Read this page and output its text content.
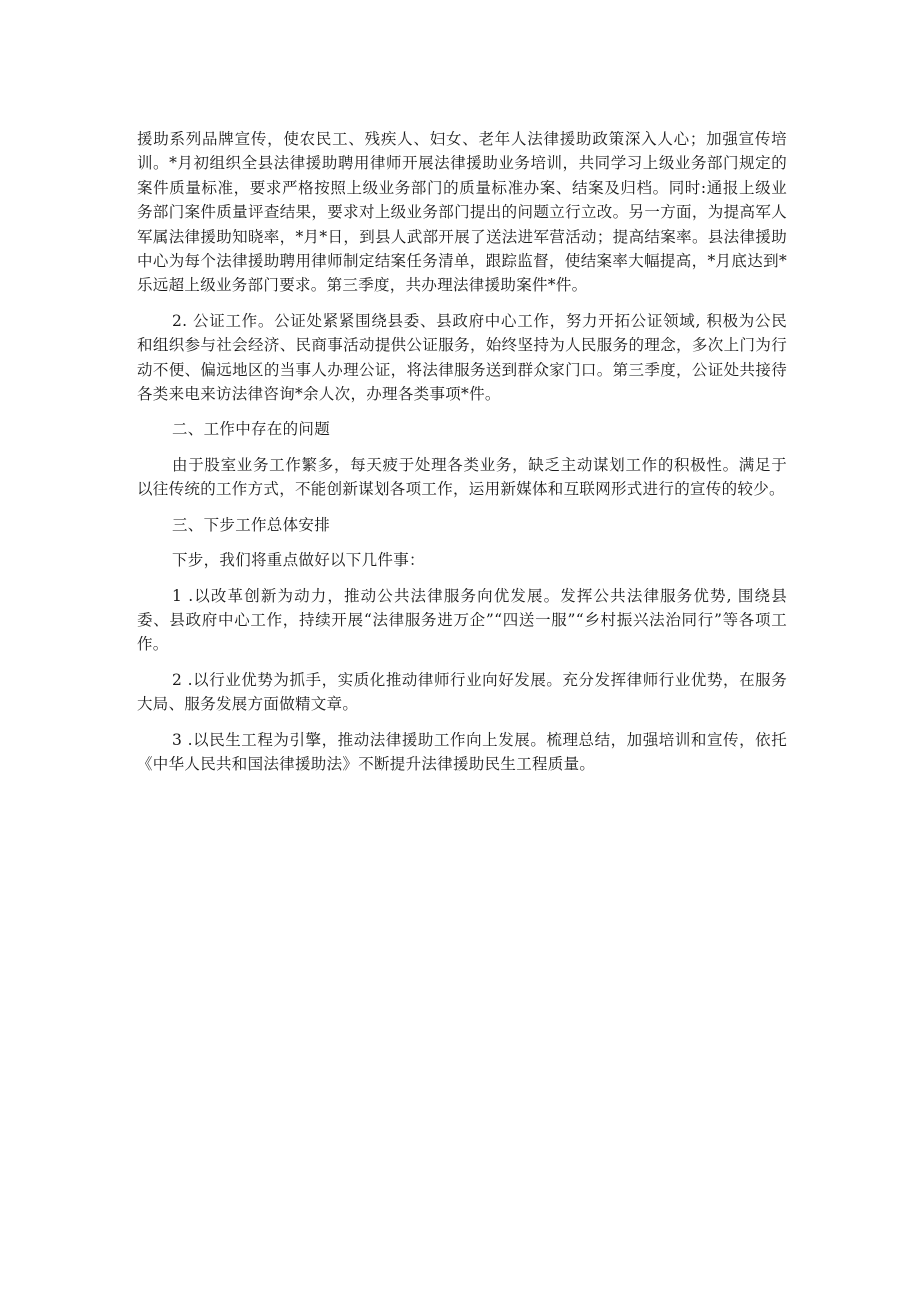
援助系列品牌宣传，使农民工、残疾人、妇女、老年人法律援助政策深入人心；加强宣传培训。*月初组织全县法律援助聘用律师开展法律援助业务培训，共同学习上级业务部门规定的案件质量标准，要求严格按照上级业务部门的质量标准办案、结案及归档。同时:通报上级业务部门案件质量评查结果，要求对上级业务部门提出的问题立行立改。另一方面，为提高军人军属法律援助知晓率，*月*日，到县人武部开展了送法进军营活动；提高结案率。县法律援助中心为每个法律援助聘用律师制定结案任务清单，跟踪监督，使结案率大幅提高，*月底达到*乐远超上级业务部门要求。第三季度，共办理法律援助案件*件。

2. 公证工作。公证处紧紧围绕县委、县政府中心工作，努力开拓公证领域, 积极为公民和组织参与社会经济、民商事活动提供公证服务，始终坚持为人民服务的理念，多次上门为行动不便、偏远地区的当事人办理公证，将法律服务送到群众家门口。第三季度，公证处共接待各类来电来访法律咨询*余人次，办理各类事项*件。

二、工作中存在的问题

由于股室业务工作繁多，每天疲于处理各类业务，缺乏主动谋划工作的积极性。满足于以往传统的工作方式，不能创新谋划各项工作，运用新媒体和互联网形式进行的宣传的较少。

三、下步工作总体安排

下步，我们将重点做好以下几件事：

1 .以改革创新为动力，推动公共法律服务向优发展。发挥公共法律服务优势, 围绕县委、县政府中心工作，持续开展“法律服务进万企”“四送一服”“乡村振兴法治同行”等各项工作。

2 .以行业优势为抓手，实质化推动律师行业向好发展。充分发挥律师行业优势，在服务大局、服务发展方面做精文章。

3 .以民生工程为引擎，推动法律援助工作向上发展。梳理总结，加强培训和宣传，依托《中华人民共和国法律援助法》不断提升法律援助民生工程质量。
